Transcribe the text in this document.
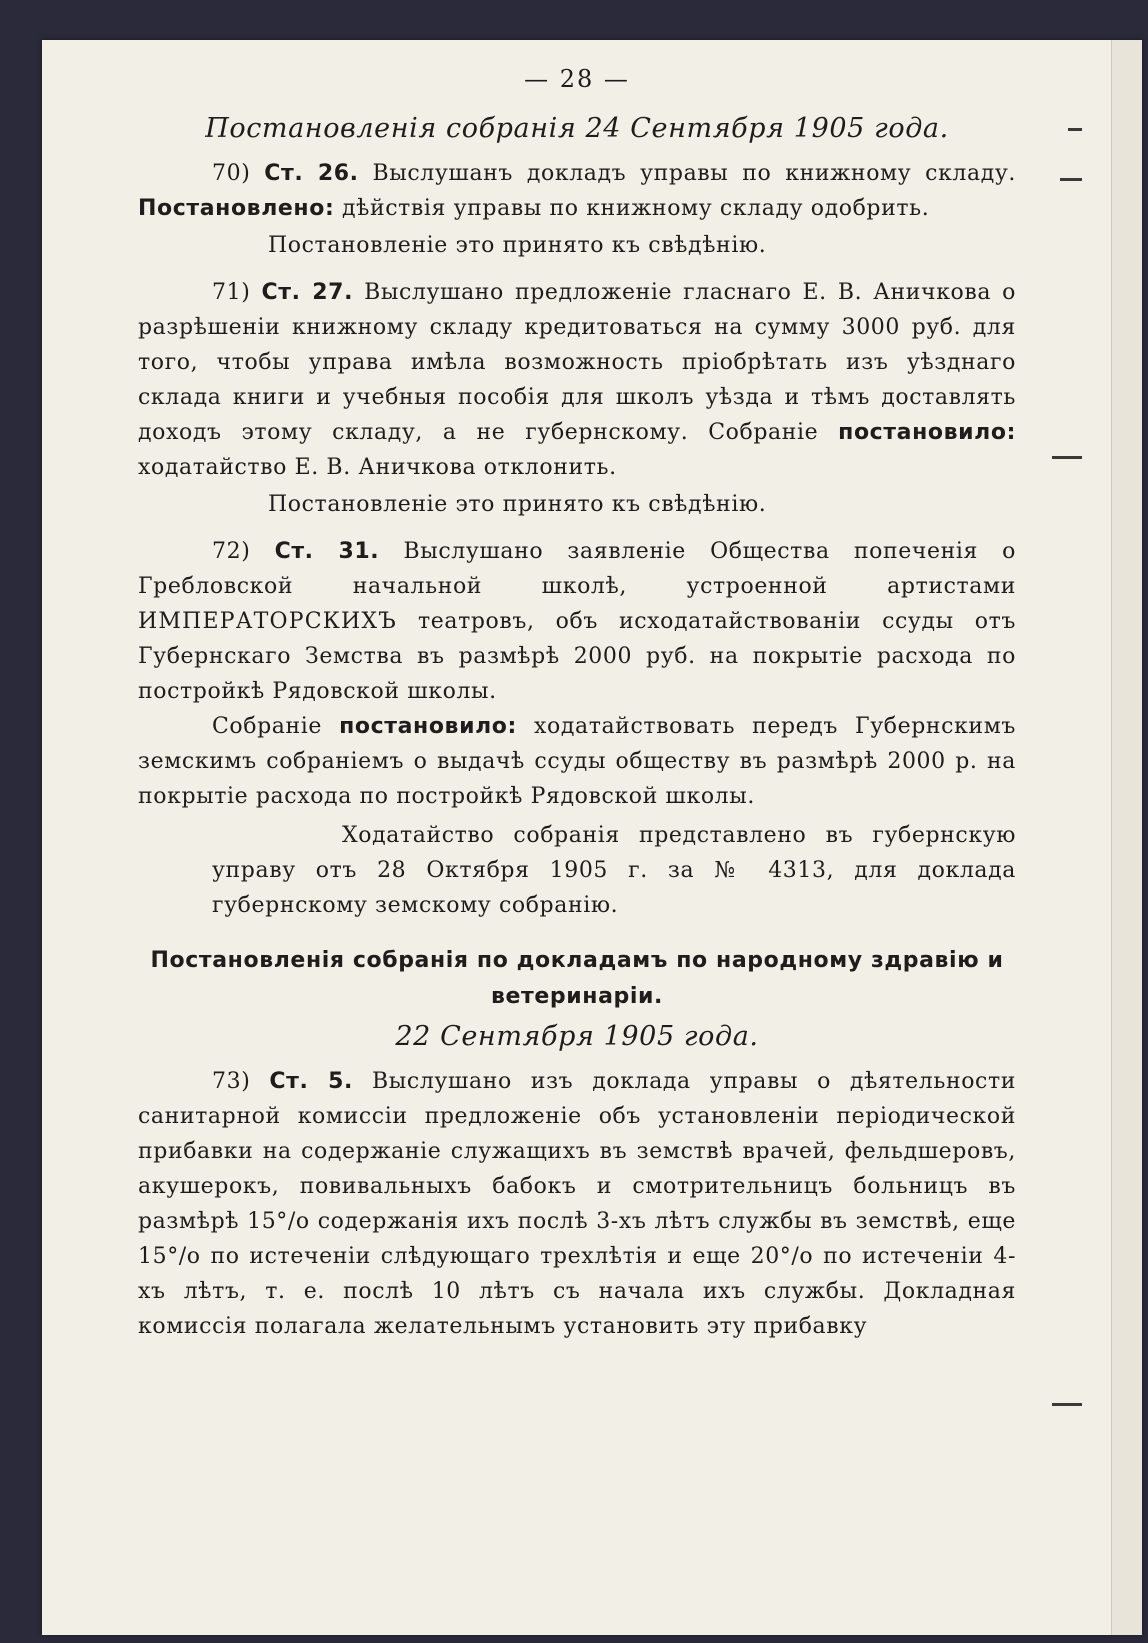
— 28 —
Постановленія собранія 24 Сентября 1905 года.

70) Ст. 26. Выслушанъ докладъ управы по книжному складу. Постановлено: дѣйствія управы по книжному складу одобрить.

Постановленіе это принято къ свѣдѣнію.

71) Ст. 27. Выслушано предложеніе гласнаго Е. В. Аничкова о разрѣшеніи книжному складу кредитоваться на сумму 3000 руб. для того, чтобы управа имѣла возможность пріобрѣтать изъ уѣзднаго склада книги и учебныя пособія для школъ уѣзда и тѣмъ доставлять доходъ этому складу, а не губернскому. Собраніе постановило: ходатайство Е. В. Аничкова отклонить.

Постановленіе это принято къ свѣдѣнію.

72) Ст. 31. Выслушано заявленіе Общества попеченія о Гребловской начальной школѣ, устроенной артистами ИМПЕРАТОРСКИХЪ театровъ, объ исходатайствованіи ссуды отъ Губернскаго Земства въ размѣрѣ 2000 руб. на покрытіе расхода по постройкѣ Рядовской школы.

Собраніе постановило: ходатайствовать передъ Губернскимъ земскимъ собраніемъ о выдачѣ ссуды обществу въ размѣрѣ 2000 р. на покрытіе расхода по постройкѣ Рядовской школы.

Ходатайство собранія представлено въ губернскую управу отъ 28 Октября 1905 г. за № 4313, для доклада губернскому земскому собранію.

Постановленія собранія по докладамъ по народному здравію и ветеринаріи.
22 Сентября 1905 года.

73) Ст. 5. Выслушано изъ доклада управы о дѣятельности санитарной комиссіи предложеніе объ установленіи періодической прибавки на содержаніе служащихъ въ земствѣ врачей, фельдшеровъ, акушерокъ, повивальныхъ бабокъ и смотрительницъ больницъ въ размѣрѣ 15°/о содержанія ихъ послѣ 3-хъ лѣтъ службы въ земствѣ, еще 15°/о по истеченіи слѣдующаго трехлѣтія и еще 20°/о по истеченіи 4-хъ лѣтъ, т. е. послѣ 10 лѣтъ съ начала ихъ службы. Докладная комиссія полагала желательнымъ установить эту прибавку
